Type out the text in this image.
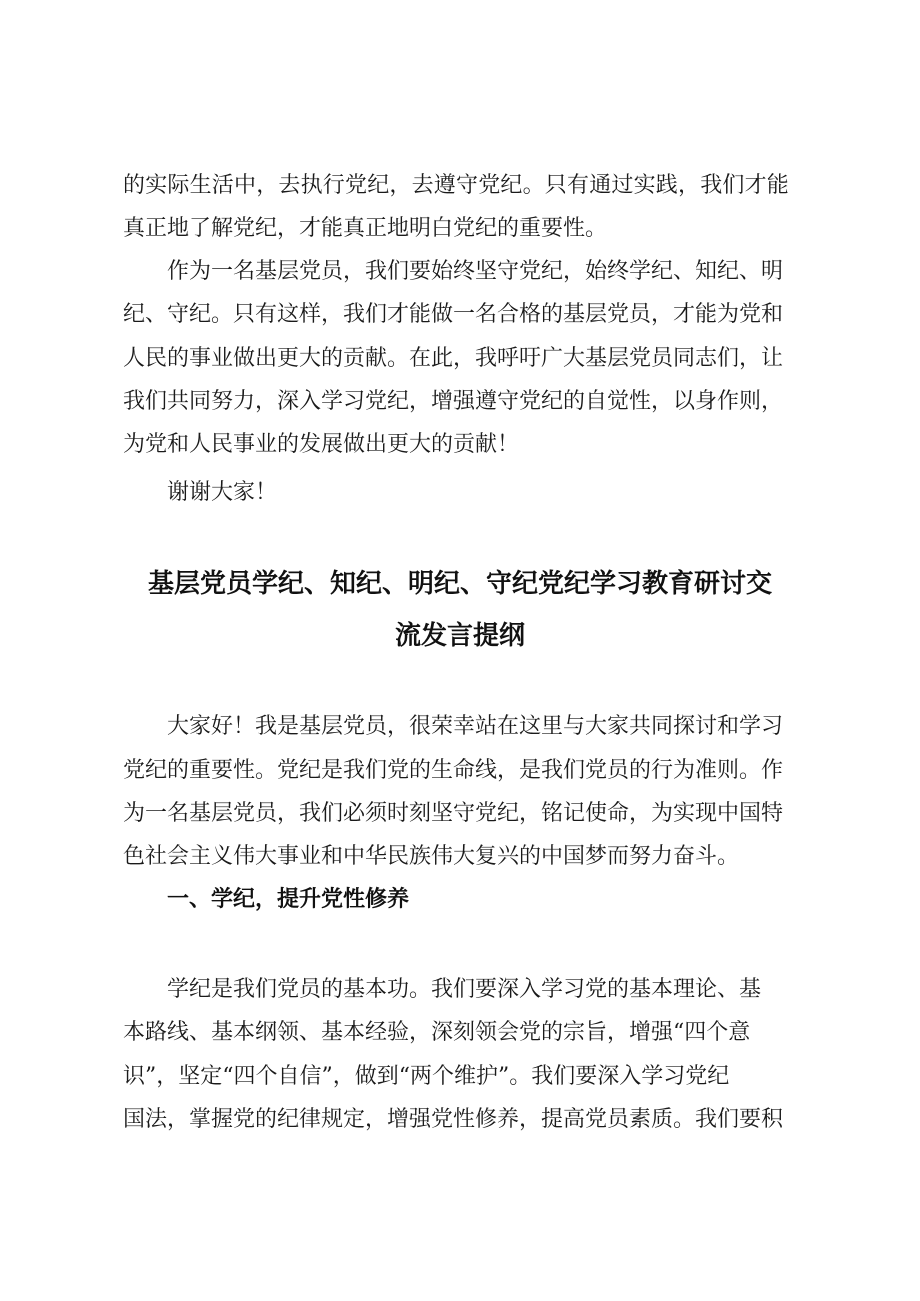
的实际生活中，去执行党纪，去遵守党纪。只有通过实践，我们才能

真正地了解党纪，才能真正地明白党纪的重要性。

作为一名基层党员，我们要始终坚守党纪，始终学纪、知纪、明

纪、守纪。只有这样，我们才能做一名合格的基层党员，才能为党和

人民的事业做出更大的贡献。在此，我呼吁广大基层党员同志们，让

我们共同努力，深入学习党纪，增强遵守党纪的自觉性，以身作则，

为党和人民事业的发展做出更大的贡献！

谢谢大家！

基层党员学纪、知纪、明纪、守纪党纪学习教育研讨交
流发言提纲

大家好！我是基层党员，很荣幸站在这里与大家共同探讨和学习

党纪的重要性。党纪是我们党的生命线，是我们党员的行为准则。作

为一名基层党员，我们必须时刻坚守党纪，铭记使命，为实现中国特

色社会主义伟大事业和中华民族伟大复兴的中国梦而努力奋斗。

一、学纪，提升党性修养

学纪是我们党员的基本功。我们要深入学习党的基本理论、基

本路线、基本纲领、基本经验，深刻领会党的宗旨，增强“四个意

识”，坚定“四个自信”，做到“两个维护”。我们要深入学习党纪

国法，掌握党的纪律规定，增强党性修养，提高党员素质。我们要积
